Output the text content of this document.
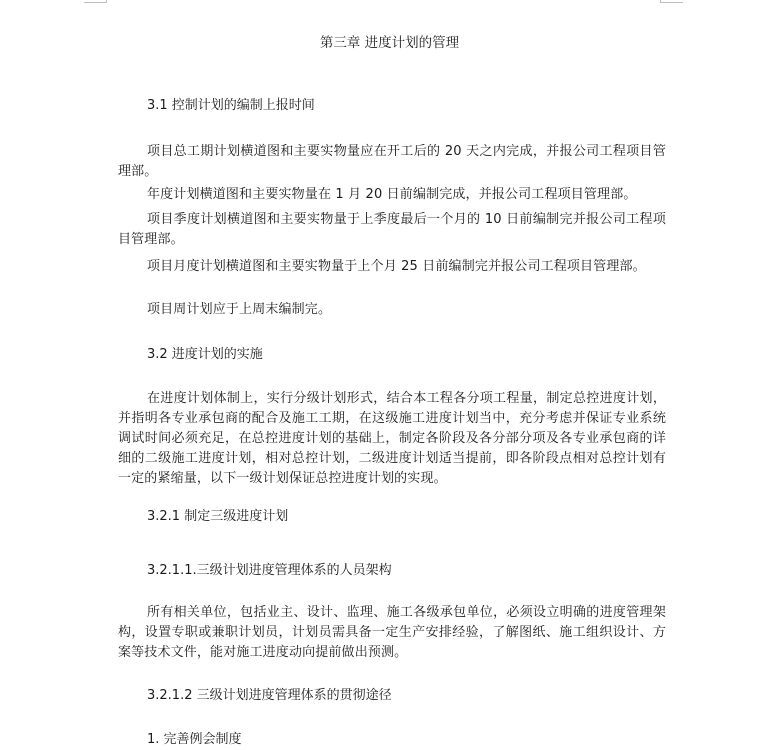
第三章 进度计划的管理
3.1 控制计划的编制上报时间
项目总工期计划横道图和主要实物量应在开工后的 20 天之内完成，并报公司工程项目管理部。
年度计划横道图和主要实物量在 1 月 20 日前编制完成，并报公司工程项目管理部。
项目季度计划横道图和主要实物量于上季度最后一个月的 10 日前编制完并报公司工程项目管理部。
项目月度计划横道图和主要实物量于上个月 25 日前编制完并报公司工程项目管理部。
项目周计划应于上周末编制完。
3.2 进度计划的实施
在进度计划体制上，实行分级计划形式，结合本工程各分项工程量，制定总控进度计划，并指明各专业承包商的配合及施工工期，在这级施工进度计划当中，充分考虑并保证专业系统调试时间必须充足，在总控进度计划的基础上，制定各阶段及各分部分项及各专业承包商的详细的二级施工进度计划，相对总控计划，二级进度计划适当提前，即各阶段点相对总控计划有一定的紧缩量，以下一级计划保证总控进度计划的实现。
3.2.1 制定三级进度计划
3.2.1.1.三级计划进度管理体系的人员架构
所有相关单位，包括业主、设计、监理、施工各级承包单位，必须设立明确的进度管理架构，设置专职或兼职计划员，计划员需具备一定生产安排经验，了解图纸、施工组织设计、方案等技术文件，能对施工进度动向提前做出预测。
3.2.1.2 三级计划进度管理体系的贯彻途径
1. 完善例会制度
